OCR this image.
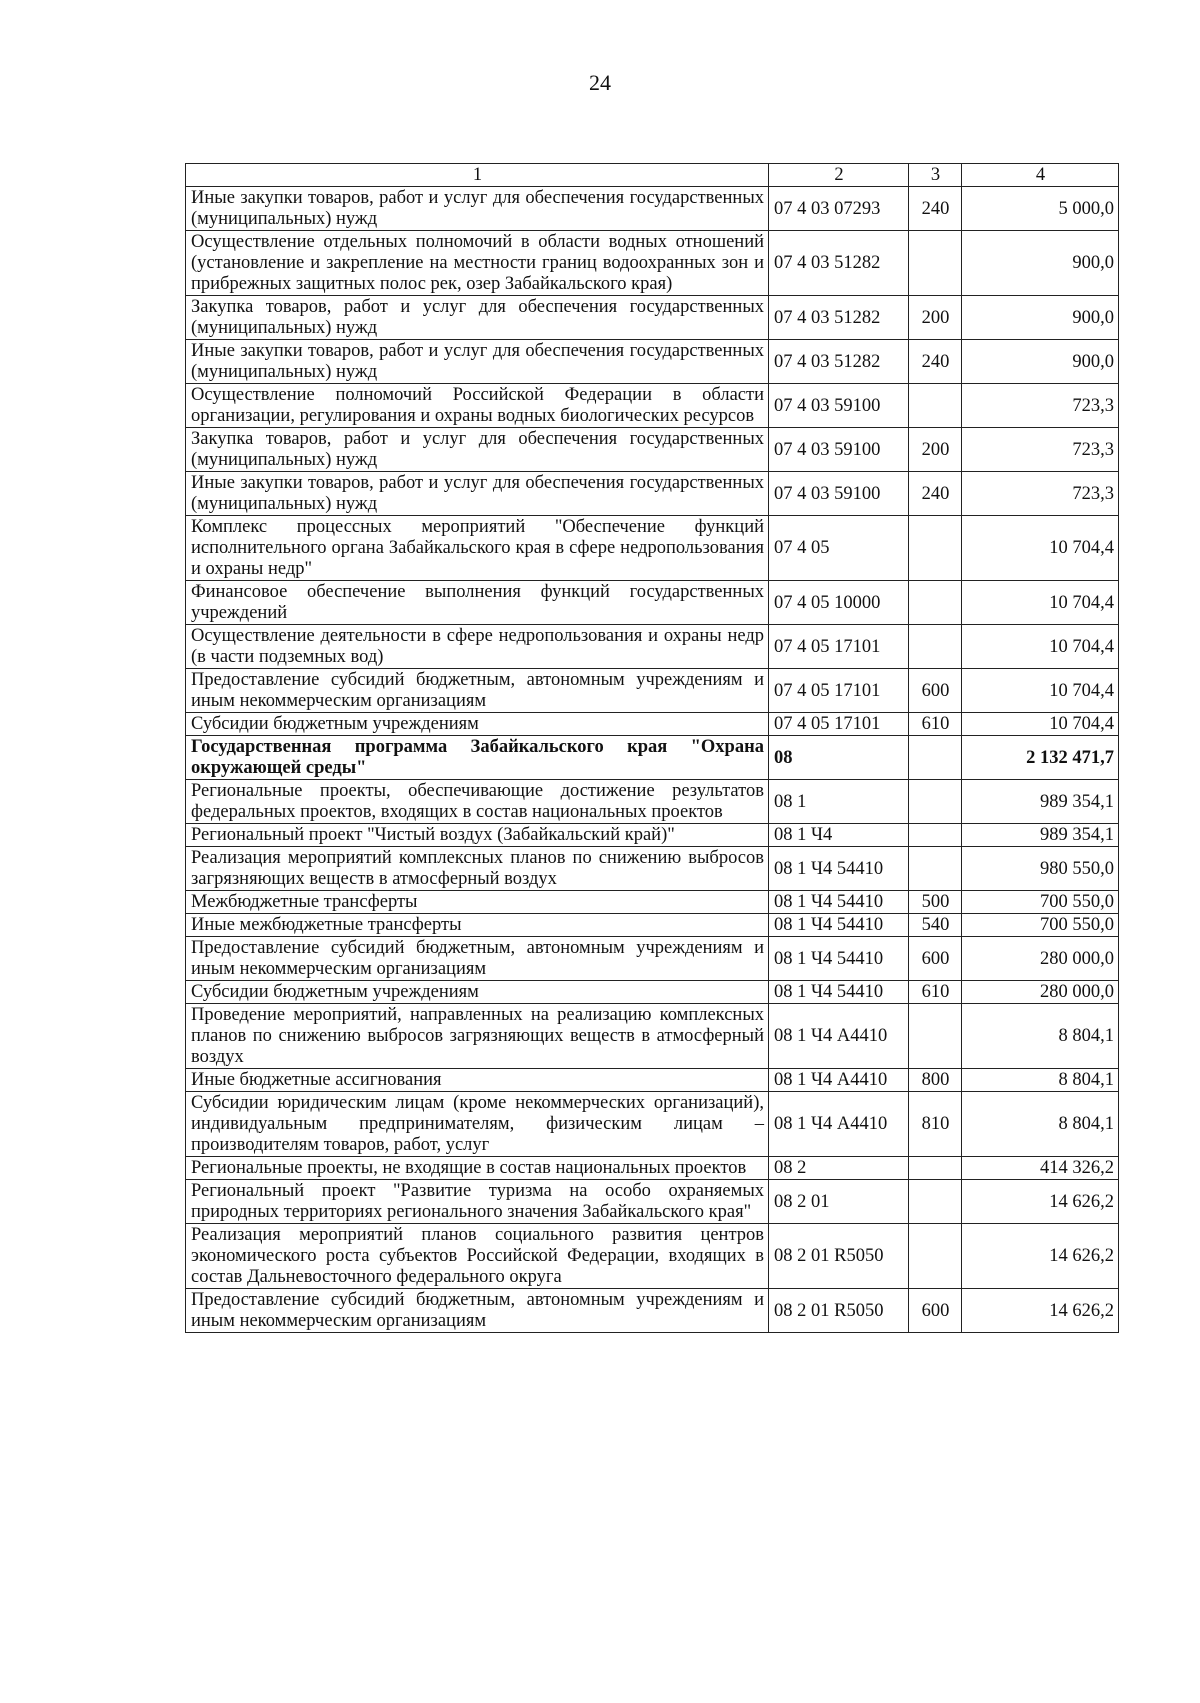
24
1	2	3	4
Иные закупки товаров, работ и услуг для обеспечения государственных (муниципальных) нужд	07 4 03 07293	240	5 000,0
Осуществление отдельных полномочий в области водных отношений (установление и закрепление на местности границ водоохранных зон и прибрежных защитных полос рек, озер Забайкальского края)	07 4 03 51282		900,0
Закупка товаров, работ и услуг для обеспечения государственных (муниципальных) нужд	07 4 03 51282	200	900,0
Иные закупки товаров, работ и услуг для обеспечения государственных (муниципальных) нужд	07 4 03 51282	240	900,0
Осуществление полномочий Российской Федерации в области организации, регулирования и охраны водных биологических ресурсов	07 4 03 59100		723,3
Закупка товаров, работ и услуг для обеспечения государственных (муниципальных) нужд	07 4 03 59100	200	723,3
Иные закупки товаров, работ и услуг для обеспечения государственных (муниципальных) нужд	07 4 03 59100	240	723,3
Комплекс процессных мероприятий "Обеспечение функций исполнительного органа Забайкальского края в сфере недропользования и охраны недр"	07 4 05		10 704,4
Финансовое обеспечение выполнения функций государственных учреждений	07 4 05 10000		10 704,4
Осуществление деятельности в сфере недропользования и охраны недр (в части подземных вод)	07 4 05 17101		10 704,4
Предоставление субсидий бюджетным, автономным учреждениям и иным некоммерческим организациям	07 4 05 17101	600	10 704,4
Субсидии бюджетным учреждениям	07 4 05 17101	610	10 704,4
Государственная программа Забайкальского края "Охрана окружающей среды"	08		2 132 471,7
Региональные проекты, обеспечивающие достижение результатов федеральных проектов, входящих в состав национальных проектов	08 1		989 354,1
Региональный проект "Чистый воздух (Забайкальский край)"	08 1 Ч4		989 354,1
Реализация мероприятий комплексных планов по снижению выбросов загрязняющих веществ в атмосферный воздух	08 1 Ч4 54410		980 550,0
Межбюджетные трансферты	08 1 Ч4 54410	500	700 550,0
Иные межбюджетные трансферты	08 1 Ч4 54410	540	700 550,0
Предоставление субсидий бюджетным, автономным учреждениям и иным некоммерческим организациям	08 1 Ч4 54410	600	280 000,0
Субсидии бюджетным учреждениям	08 1 Ч4 54410	610	280 000,0
Проведение мероприятий, направленных на реализацию комплексных планов по снижению выбросов загрязняющих веществ в атмосферный воздух	08 1 Ч4 А4410		8 804,1
Иные бюджетные ассигнования	08 1 Ч4 А4410	800	8 804,1
Субсидии юридическим лицам (кроме некоммерческих организаций), индивидуальным предпринимателям, физическим лицам – производителям товаров, работ, услуг	08 1 Ч4 А4410	810	8 804,1
Региональные проекты, не входящие в состав национальных проектов	08 2		414 326,2
Региональный проект "Развитие туризма на особо охраняемых природных территориях регионального значения Забайкальского края"	08 2 01		14 626,2
Реализация мероприятий планов социального развития центров экономического роста субъектов Российской Федерации, входящих в состав Дальневосточного федерального округа	08 2 01 R5050		14 626,2
Предоставление субсидий бюджетным, автономным учреждениям и иным некоммерческим организациям	08 2 01 R5050	600	14 626,2
